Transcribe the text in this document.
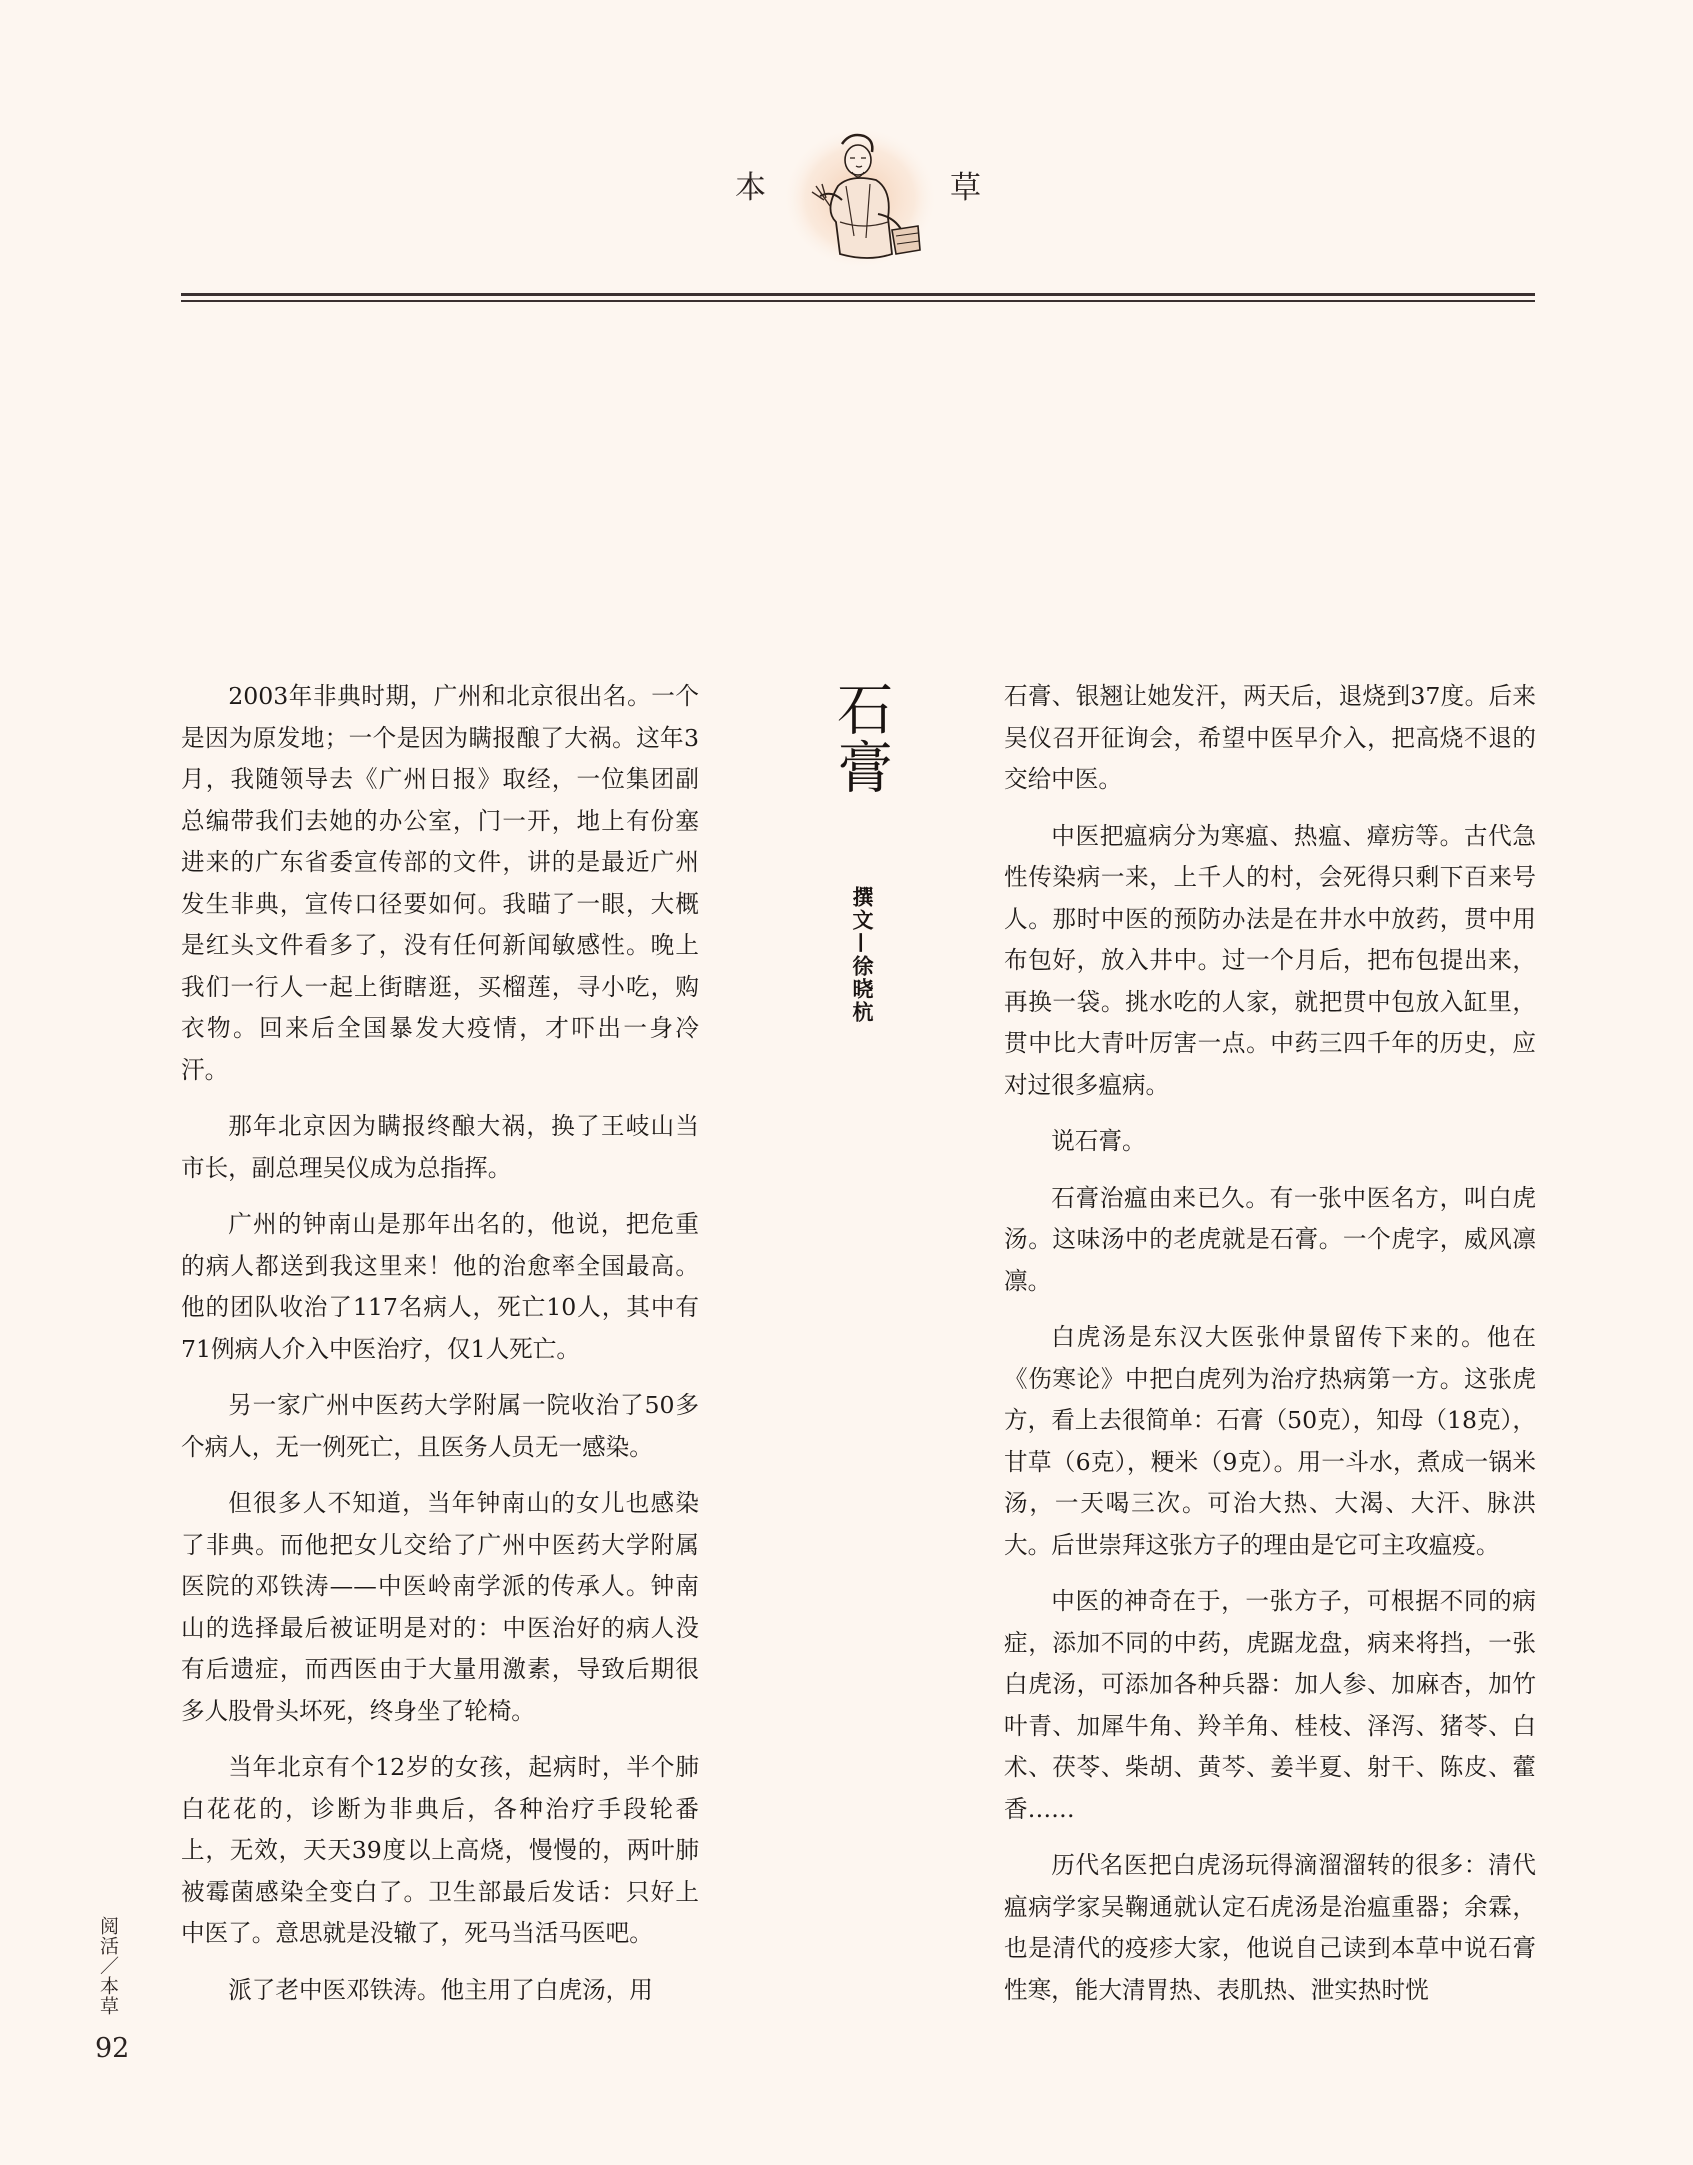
本	草

2003年非典时期，广州和北京很出名。一个是因为原发地；一个是因为瞒报酿了大祸。这年3月，我随领导去《广州日报》取经，一位集团副总编带我们去她的办公室，门一开，地上有份塞进来的广东省委宣传部的文件，讲的是最近广州发生非典，宣传口径要如何。我瞄了一眼，大概是红头文件看多了，没有任何新闻敏感性。晚上我们一行人一起上街瞎逛，买榴莲，寻小吃，购衣物。回来后全国暴发大疫情，才吓出一身冷汗。

那年北京因为瞒报终酿大祸，换了王岐山当市长，副总理吴仪成为总指挥。

广州的钟南山是那年出名的，他说，把危重的病人都送到我这里来！他的治愈率全国最高。他的团队收治了117名病人，死亡10人，其中有71例病人介入中医治疗，仅1人死亡。

另一家广州中医药大学附属一院收治了50多个病人，无一例死亡，且医务人员无一感染。

但很多人不知道，当年钟南山的女儿也感染了非典。而他把女儿交给了广州中医药大学附属医院的邓铁涛——中医岭南学派的传承人。钟南山的选择最后被证明是对的：中医治好的病人没有后遗症，而西医由于大量用激素，导致后期很多人股骨头坏死，终身坐了轮椅。

当年北京有个12岁的女孩，起病时，半个肺白花花的，诊断为非典后，各种治疗手段轮番上，无效，天天39度以上高烧，慢慢的，两叶肺被霉菌感染全变白了。卫生部最后发话：只好上中医了。意思就是没辙了，死马当活马医吧。

派了老中医邓铁涛。他主用了白虎汤，用

石膏
撰文—徐晓杭

石膏、银翘让她发汗，两天后，退烧到37度。后来吴仪召开征询会，希望中医早介入，把高烧不退的交给中医。

中医把瘟病分为寒瘟、热瘟、瘴疠等。古代急性传染病一来，上千人的村，会死得只剩下百来号人。那时中医的预防办法是在井水中放药，贯中用布包好，放入井中。过一个月后，把布包提出来，再换一袋。挑水吃的人家，就把贯中包放入缸里，贯中比大青叶厉害一点。中药三四千年的历史，应对过很多瘟病。

说石膏。

石膏治瘟由来已久。有一张中医名方，叫白虎汤。这味汤中的老虎就是石膏。一个虎字，威风凛凛。

白虎汤是东汉大医张仲景留传下来的。他在《伤寒论》中把白虎列为治疗热病第一方。这张虎方，看上去很简单：石膏（50克），知母（18克），甘草（6克），粳米（9克）。用一斗水，煮成一锅米汤，一天喝三次。可治大热、大渴、大汗、脉洪大。后世崇拜这张方子的理由是它可主攻瘟疫。

中医的神奇在于，一张方子，可根据不同的病症，添加不同的中药，虎踞龙盘，病来将挡，一张白虎汤，可添加各种兵器：加人参、加麻杏，加竹叶青、加犀牛角、羚羊角、桂枝、泽泻、猪苓、白术、茯苓、柴胡、黄芩、姜半夏、射干、陈皮、藿香……

历代名医把白虎汤玩得滴溜溜转的很多：清代瘟病学家吴鞠通就认定石虎汤是治瘟重器；余霖，也是清代的疫疹大家，他说自己读到本草中说石膏性寒，能大清胃热、表肌热、泄实热时恍

阅活／本草
92
